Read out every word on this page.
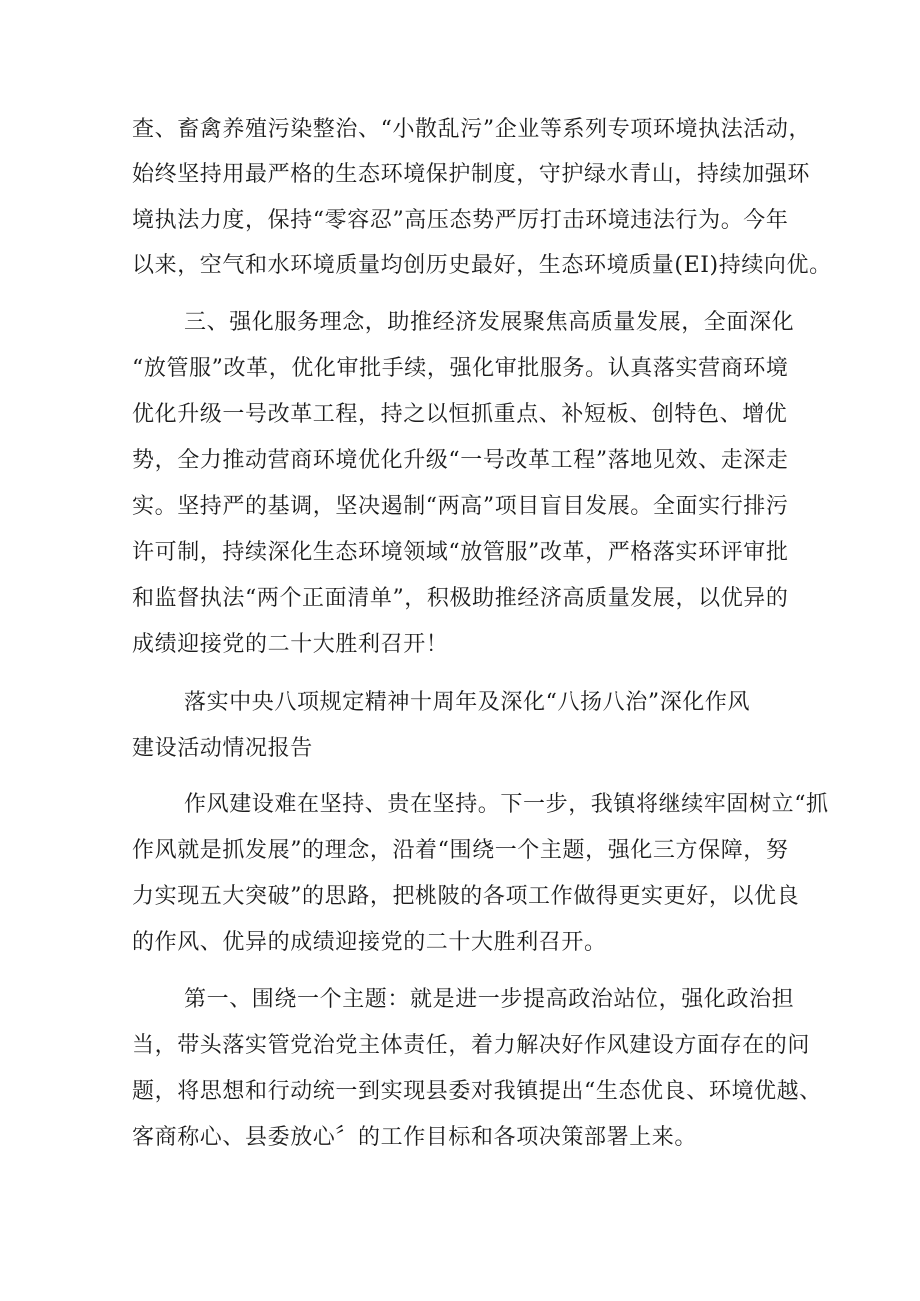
查、畜禽养殖污染整治、“小散乱污”企业等系列专项环境执法活动，
始终坚持用最严格的生态环境保护制度，守护绿水青山，持续加强环
境执法力度，保持“零容忍”高压态势严厉打击环境违法行为。今年
以来，空气和水环境质量均创历史最好，生态环境质量(EI)持续向优。
三、强化服务理念，助推经济发展聚焦高质量发展，全面深化
“放管服”改革，优化审批手续，强化审批服务。认真落实营商环境
优化升级一号改革工程，持之以恒抓重点、补短板、创特色、增优
势，全力推动营商环境优化升级“一号改革工程”落地见效、走深走
实。坚持严的基调，坚决遏制“两高”项目盲目发展。全面实行排污
许可制，持续深化生态环境领域“放管服”改革，严格落实环评审批
和监督执法“两个正面清单”，积极助推经济高质量发展，以优异的
成绩迎接党的二十大胜利召开！
落实中央八项规定精神十周年及深化“八扬八治”深化作风
建设活动情况报告
作风建设难在坚持、贵在坚持。下一步，我镇将继续牢固树立“抓
作风就是抓发展”的理念，沿着“围绕一个主题，强化三方保障，努
力实现五大突破”的思路，把桃陂的各项工作做得更实更好，以优良
的作风、优异的成绩迎接党的二十大胜利召开。
第一、围绕一个主题：就是进一步提高政治站位，强化政治担
当，带头落实管党治党主体责任，着力解决好作风建设方面存在的问
题，将思想和行动统一到实现县委对我镇提出“生态优良、环境优越、
客商称心、县委放心〞的工作目标和各项决策部署上来。
